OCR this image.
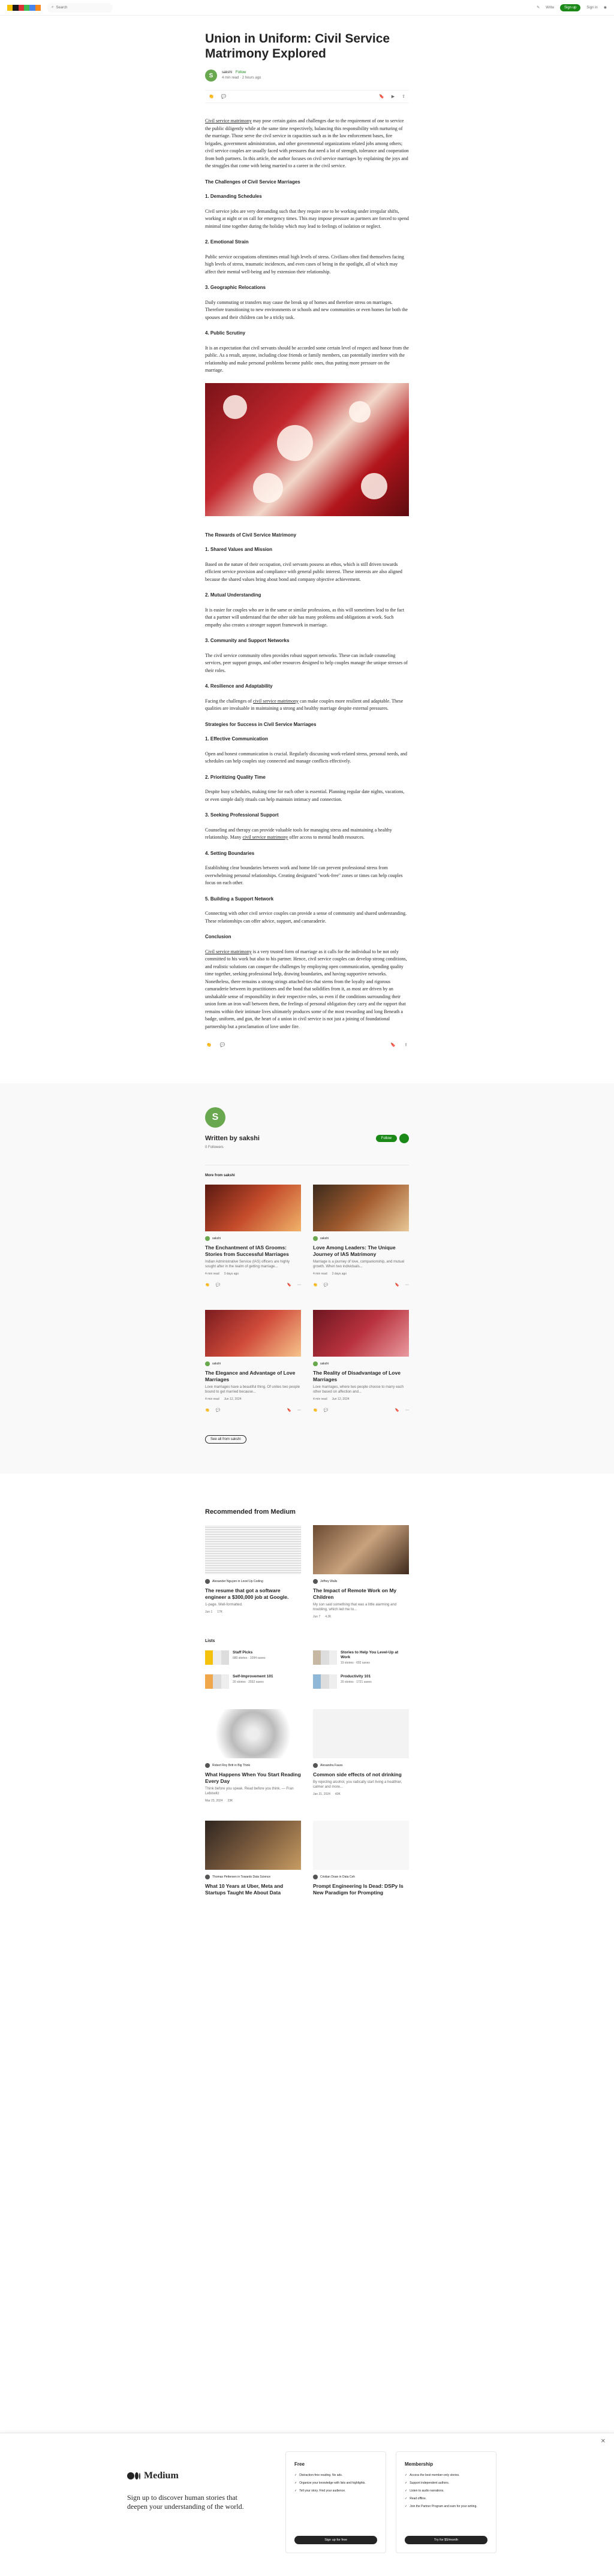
⌕ Search	✎ Write	Sign up	Sign in ◉
Union in Uniform: Civil Service Matrimony Explored
S	sakshi Follow
4 min read · 2 hours ago
👏 💬	🔖 ▶ ⇪

Civil service matrimony may pose certain gains and challenges due to the requirement of one to service the public diligently while at the same time respectively, balancing this responsibility with nurturing of the marriage. Those serve the civil service in capacities such as in the law enforcement bases, fire brigades, government administration, and other governmental organizations related jobs among others; civil service couples are usually faced with pressures that need a lot of strength, tolerance and cooperation from both partners. In this article, the author focuses on civil service marriages by explaining the joys and the struggles that come with being married to a career in the civil service.

The Challenges of Civil Service Marriages
1. Demanding Schedules

Civil service jobs are very demanding such that they require one to be working under irregular shifts, working at night or on call for emergency times. This may impose pressure as partners are forced to spend minimal time together during the holiday which may lead to feelings of isolation or neglect.

2. Emotional Strain

Public service occupations oftentimes entail high levels of stress. Civilians often find themselves facing high levels of stress, traumatic incidences, and even cases of being in the spotlight, all of which may affect their mental well-being and by extension their relationship.

3. Geographic Relocations

Daily commuting or transfers may cause the break up of homes and therefore stress on marriages. Therefore transitioning to new environments or schools and new communities or even homes for both the spouses and their children can be a tricky task.

4. Public Scrutiny

It is an expectation that civil servants should be accorded some certain level of respect and honor from the public. As a result, anyone, including close friends or family members, can potentially interfere with the relationship and make personal problems become public ones, thus putting more pressure on the marriage.

The Rewards of Civil Service Matrimony
1. Shared Values and Mission

Based on the nature of their occupation, civil servants possess an ethos, which is still driven towards efficient service provision and compliance with general public interest. These interests are also aligned because the shared values bring about bond and company objective achievement.

2. Mutual Understanding

It is easier for couples who are in the same or similar professions, as this will sometimes lead to the fact that a partner will understand that the other side has many problems and obligations at work. Such empathy also creates a stronger support framework in marriage.

3. Community and Support Networks

The civil service community often provides robust support networks. These can include counseling services, peer support groups, and other resources designed to help couples manage the unique stresses of their roles.

4. Resilience and Adaptability

Facing the challenges of civil service matrimony can make couples more resilient and adaptable. These qualities are invaluable in maintaining a strong and healthy marriage despite external pressures.

Strategies for Success in Civil Service Marriages
1. Effective Communication

Open and honest communication is crucial. Regularly discussing work-related stress, personal needs, and schedules can help couples stay connected and manage conflicts effectively.

2. Prioritizing Quality Time

Despite busy schedules, making time for each other is essential. Planning regular date nights, vacations, or even simple daily rituals can help maintain intimacy and connection.

3. Seeking Professional Support

Counseling and therapy can provide valuable tools for managing stress and maintaining a healthy relationship. Many civil service matrimony offer access to mental health resources.

4. Setting Boundaries

Establishing clear boundaries between work and home life can prevent professional stress from overwhelming personal relationships. Creating designated "work-free" zones or times can help couples focus on each other.

5. Building a Support Network

Connecting with other civil service couples can provide a sense of community and shared understanding. These relationships can offer advice, support, and camaraderie.

Conclusion

Civil service matrimony is a very trusted form of marriage as it calls for the individual to be not only committed to his work but also to his partner. Hence, civil service couples can develop strong conditions, and realistic solutions can conquer the challenges by employing open communication, spending quality time together, seeking professional help, drawing boundaries, and having supportive networks. Nonetheless, there remains a strong strings attached ties that stems from the loyalty and rigorous camaraderie between its practitioners and the bond that solidifies from it, as most are driven by an unshakable sense of responsibility in their respective roles, so even if the conditions surrounding their union form an iron wall between them, the feelings of personal obligation they carry and the rapport that remains within their intimate lives ultimately produces some of the most rewarding and long Beneath a badge, uniform, and gun, the heart of a union in civil service is not just a joining of foundational partnership but a proclamation of love under fire.

👏 💬	🔖 ⇪
S
Written by sakshi	Follow
0 Followers
More from sakshi
sakshi
The Enchantment of IAS Grooms: Stories from Successful Marriages
Indian Administrative Service (IAS) officers are highly sought after in the realm of getting marriage...
4 min read 3 days ago
👏 💬	🔖 ⋯
sakshi
Love Among Leaders: The Unique Journey of IAS Matrimony
Marriage is a journey of love, companionship, and mutual growth. When two individuals...
4 min read 3 days ago
👏 💬	🔖 ⋯
sakshi
The Elegance and Advantage of Love Marriages
Love marriages have a beautiful thing. Of unites two people bound to get married because...
4 min read Jun 12, 2024
👏 💬	🔖 ⋯
sakshi
The Reality of Disadvantage of Love Marriages
Love marriages, where two people choose to marry each other based on affection and...
4 min read Jun 12, 2024
👏 💬	🔖 ⋯
See all from sakshi
Recommended from Medium
Alexander Nguyen in Level Up Coding
The resume that got a software engineer a $300,000 job at Google.
1-page. Well-formatted.
Jun 1 17K
Jeffrey Walls
The Impact of Remote Work on My Children
My son said something that was a little alarming and troubling, which led me to...
Jun 7 4.2K
Lists
Staff Picks
680 stories · 1094 saves
Stories to Help You Level-Up at Work
19 stories · 692 saves
Self-Improvement 101
20 stories · 2032 saves
Productivity 101
20 stories · 1721 saves
Robert Roy Britt in Big Think
What Happens When You Start Reading Every Day
Think before you speak. Read before you think. — Fran Lebowitz
Mar 23, 2024 23K
Alexandra Fauss
Common side effects of not drinking
By rejecting alcohol, you radically start living a healthier, calmer and more...
Jan 21, 2024 40K
Thomas Pettersen in Towards Data Science
What 10 Years at Uber, Meta and Startups Taught Me About Data
Cristian Doan in Data Ceh
Prompt Engineering Is Dead: DSPy Is New Paradigm for Prompting
✕
Medium
Sign up to discover human stories that deepen your understanding of the world.
Free
✓ Distraction-free reading. No ads.
✓ Organize your knowledge with lists and highlights.
✓ Tell your story. Find your audience.
Sign up for free
Membership
✓ Access the best member-only stories.
✓ Support independent authors.
✓ Listen to audio narrations.
✓ Read offline.
✓ Join the Partner Program and earn for your writing.
Try for $5/month
